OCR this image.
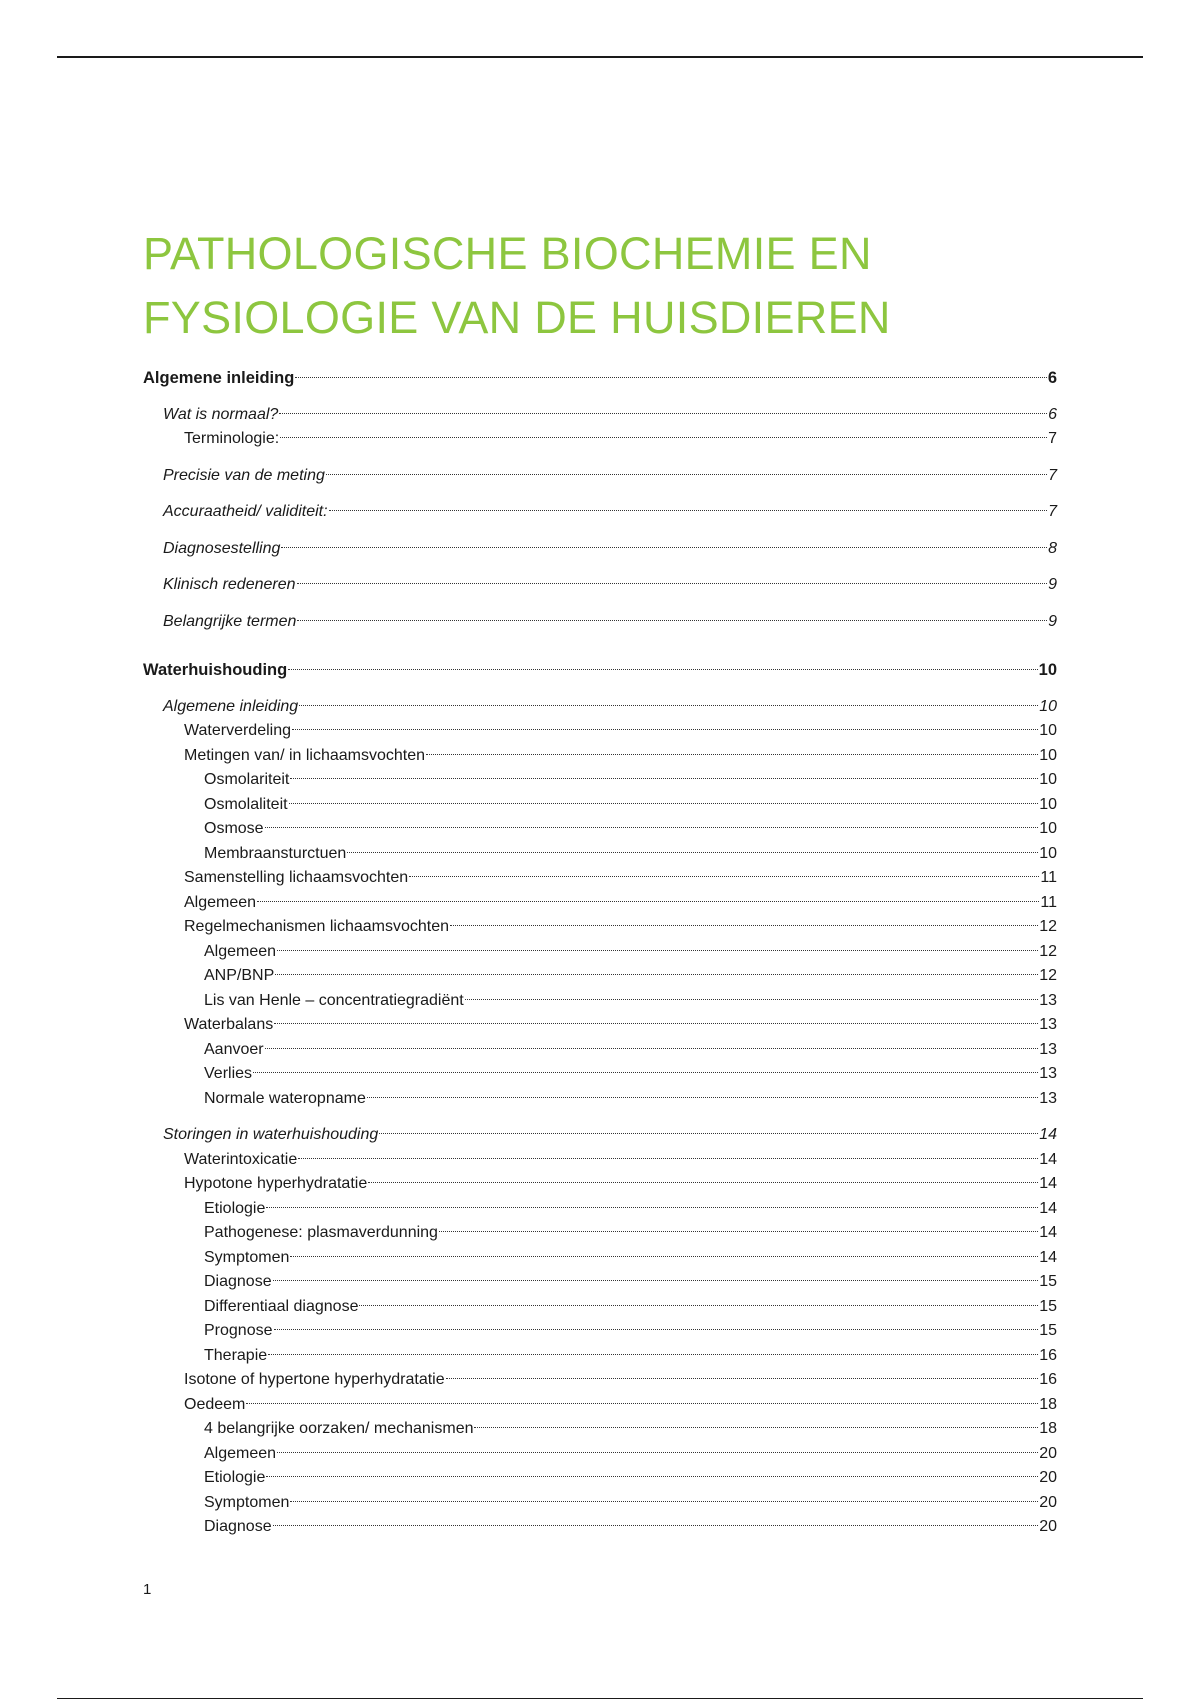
PATHOLOGISCHE BIOCHEMIE EN
FYSIOLOGIE VAN DE HUISDIEREN
Algemene inleiding	6
Wat is normaal?	6
Terminologie:	7
Precisie van de meting	7
Accuraatheid/ validiteit:	7
Diagnosestelling	8
Klinisch redeneren	9
Belangrijke termen	9
Waterhuishouding	10
Algemene inleiding	10
Waterverdeling	10
Metingen van/ in lichaamsvochten	10
Osmolariteit	10
Osmolaliteit	10
Osmose	10
Membraansturctuen	10
Samenstelling lichaamsvochten	11
Algemeen	11
Regelmechanismen lichaamsvochten	12
Algemeen	12
ANP/BNP	12
Lis van Henle – concentratiegradiënt	13
Waterbalans	13
Aanvoer	13
Verlies	13
Normale wateropname	13
Storingen in waterhuishouding	14
Waterintoxicatie	14
Hypotone hyperhydratatie	14
Etiologie	14
Pathogenese: plasmaverdunning	14
Symptomen	14
Diagnose	15
Differentiaal diagnose	15
Prognose	15
Therapie	16
Isotone of hypertone hyperhydratatie	16
Oedeem	18
4 belangrijke oorzaken/ mechanismen	18
Algemeen	20
Etiologie	20
Symptomen	20
Diagnose	20
1
